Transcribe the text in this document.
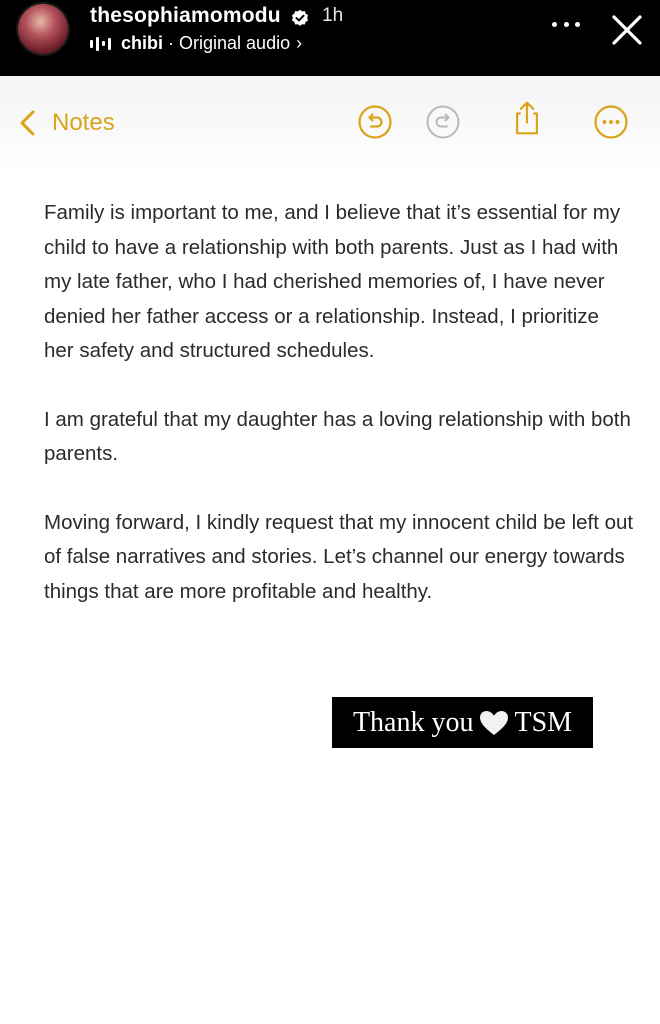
thesophiamomodu 1h
chibi · Original audio ›
Notes

Family is important to me, and I believe that it’s essential for my child to have a relationship with both parents. Just as I had with my late father, who I had cherished memories of, I have never denied her father access or a relationship. Instead, I prioritize her safety and structured schedules.

I am grateful that my daughter has a loving relationship with both parents.

Moving forward, I kindly request that my innocent child be left out of false narratives and stories. Let’s channel our energy towards things that are more profitable and healthy.

Thank you TSM
